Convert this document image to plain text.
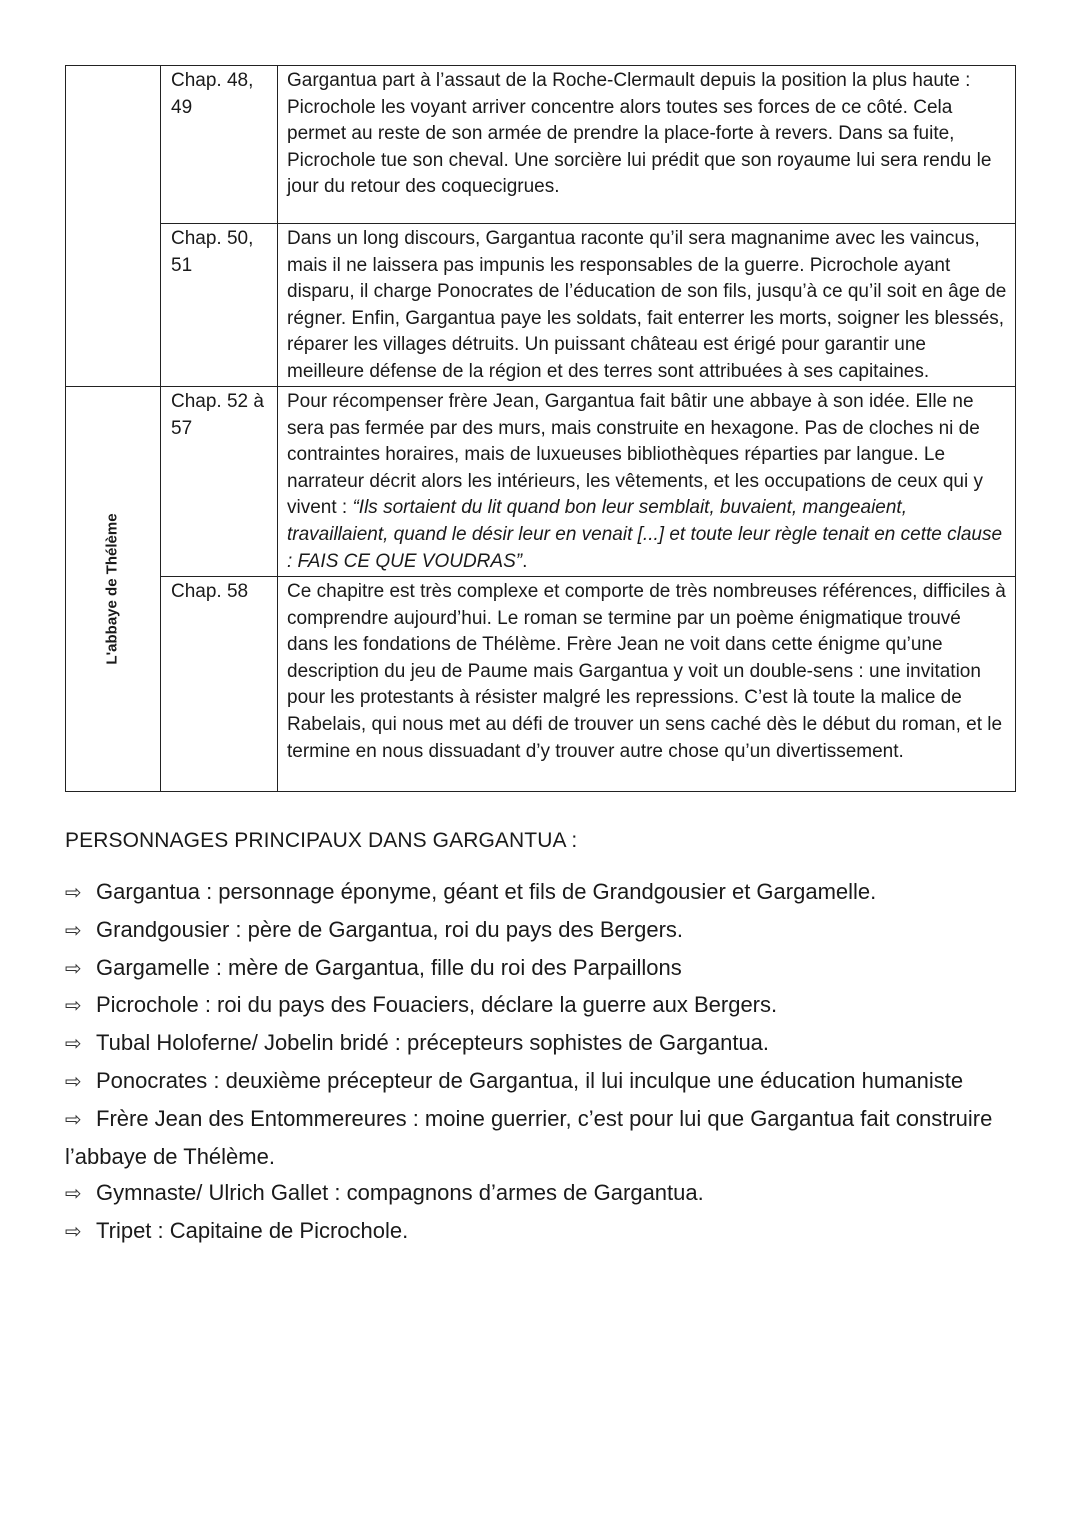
	Chap. 48, 49	Gargantua part à l’assaut de la Roche-Clermault depuis la position la plus haute : Picrochole les voyant arriver concentre alors toutes ses forces de ce côté. Cela permet au reste de son armée de prendre la place-forte à revers. Dans sa fuite, Picrochole tue son cheval. Une sorcière lui prédit que son royaume lui sera rendu le jour du retour des coquecigrues.
	Chap. 50, 51	Dans un long discours, Gargantua raconte qu’il sera magnanime avec les vaincus, mais il ne laissera pas impunis les responsables de la guerre. Picrochole ayant disparu, il charge Ponocrates de l’éducation de son fils, jusqu’à ce qu’il soit en âge de régner. Enfin, Gargantua paye les soldats, fait enterrer les morts, soigner les blessés, réparer les villages détruits. Un puissant château est érigé pour garantir une meilleure défense de la région et des terres sont attribuées à ses capitaines.

L'abbaye de Thélème	Chap. 52 à 57	Pour récompenser frère Jean, Gargantua fait bâtir une abbaye à son idée. Elle ne sera pas fermée par des murs, mais construite en hexagone. Pas de cloches ni de contraintes horaires, mais de luxueuses bibliothèques réparties par langue. Le narrateur décrit alors les intérieurs, les vêtements, et les occupations de ceux qui y vivent : “Ils sortaient du lit quand bon leur semblait, buvaient, mangeaient, travaillaient, quand le désir leur en venait [...] et toute leur règle tenait en cette clause : FAIS CE QUE VOUDRAS”.
	Chap. 58	Ce chapitre est très complexe et comporte de très nombreuses références, difficiles à comprendre aujourd’hui. Le roman se termine par un poème énigmatique trouvé dans les fondations de Thélème. Frère Jean ne voit dans cette énigme qu’une description du jeu de Paume mais Gargantua y voit un double-sens : une invitation pour les protestants à résister malgré les repressions. C’est là toute la malice de Rabelais, qui nous met au défi de trouver un sens caché dès le début du roman, et le termine en nous dissuadant d’y trouver autre chose qu’un divertissement.
PERSONNAGES PRINCIPAUX DANS GARGANTUA :
⇨ Gargantua : personnage éponyme, géant et fils de Grandgousier et Gargamelle.
⇨ Grandgousier : père de Gargantua, roi du pays des Bergers.
⇨ Gargamelle : mère de Gargantua, fille du roi des Parpaillons
⇨ Picrochole : roi du pays des Fouaciers, déclare la guerre aux Bergers.
⇨ Tubal Holoferne/ Jobelin bridé : précepteurs sophistes de Gargantua.
⇨ Ponocrates : deuxième précepteur de Gargantua, il lui inculque une éducation humaniste
⇨ Frère Jean des Entommereures : moine guerrier, c’est pour lui que Gargantua fait construire l’abbaye de Thélème.
⇨ Gymnaste/ Ulrich Gallet : compagnons d’armes de Gargantua.
⇨ Tripet : Capitaine de Picrochole.
